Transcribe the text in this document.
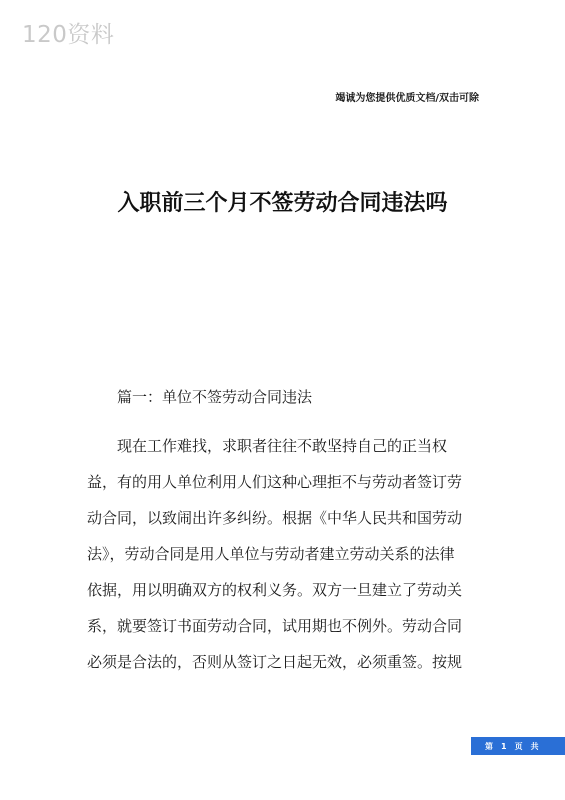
120资料
竭诚为您提供优质文档/双击可除
入职前三个月不签劳动合同违法吗

篇一：单位不签劳动合同违法

现在工作难找，求职者往往不敢坚持自己的正当权
益，有的用人单位利用人们这种心理拒不与劳动者签订劳
动合同，以致闹出许多纠纷。根据《中华人民共和国劳动
法》，劳动合同是用人单位与劳动者建立劳动关系的法律
依据，用以明确双方的权利义务。双方一旦建立了劳动关
系，就要签订书面劳动合同，试用期也不例外。劳动合同
必须是合法的，否则从签订之日起无效，必须重签。按规
第 1 页 共
